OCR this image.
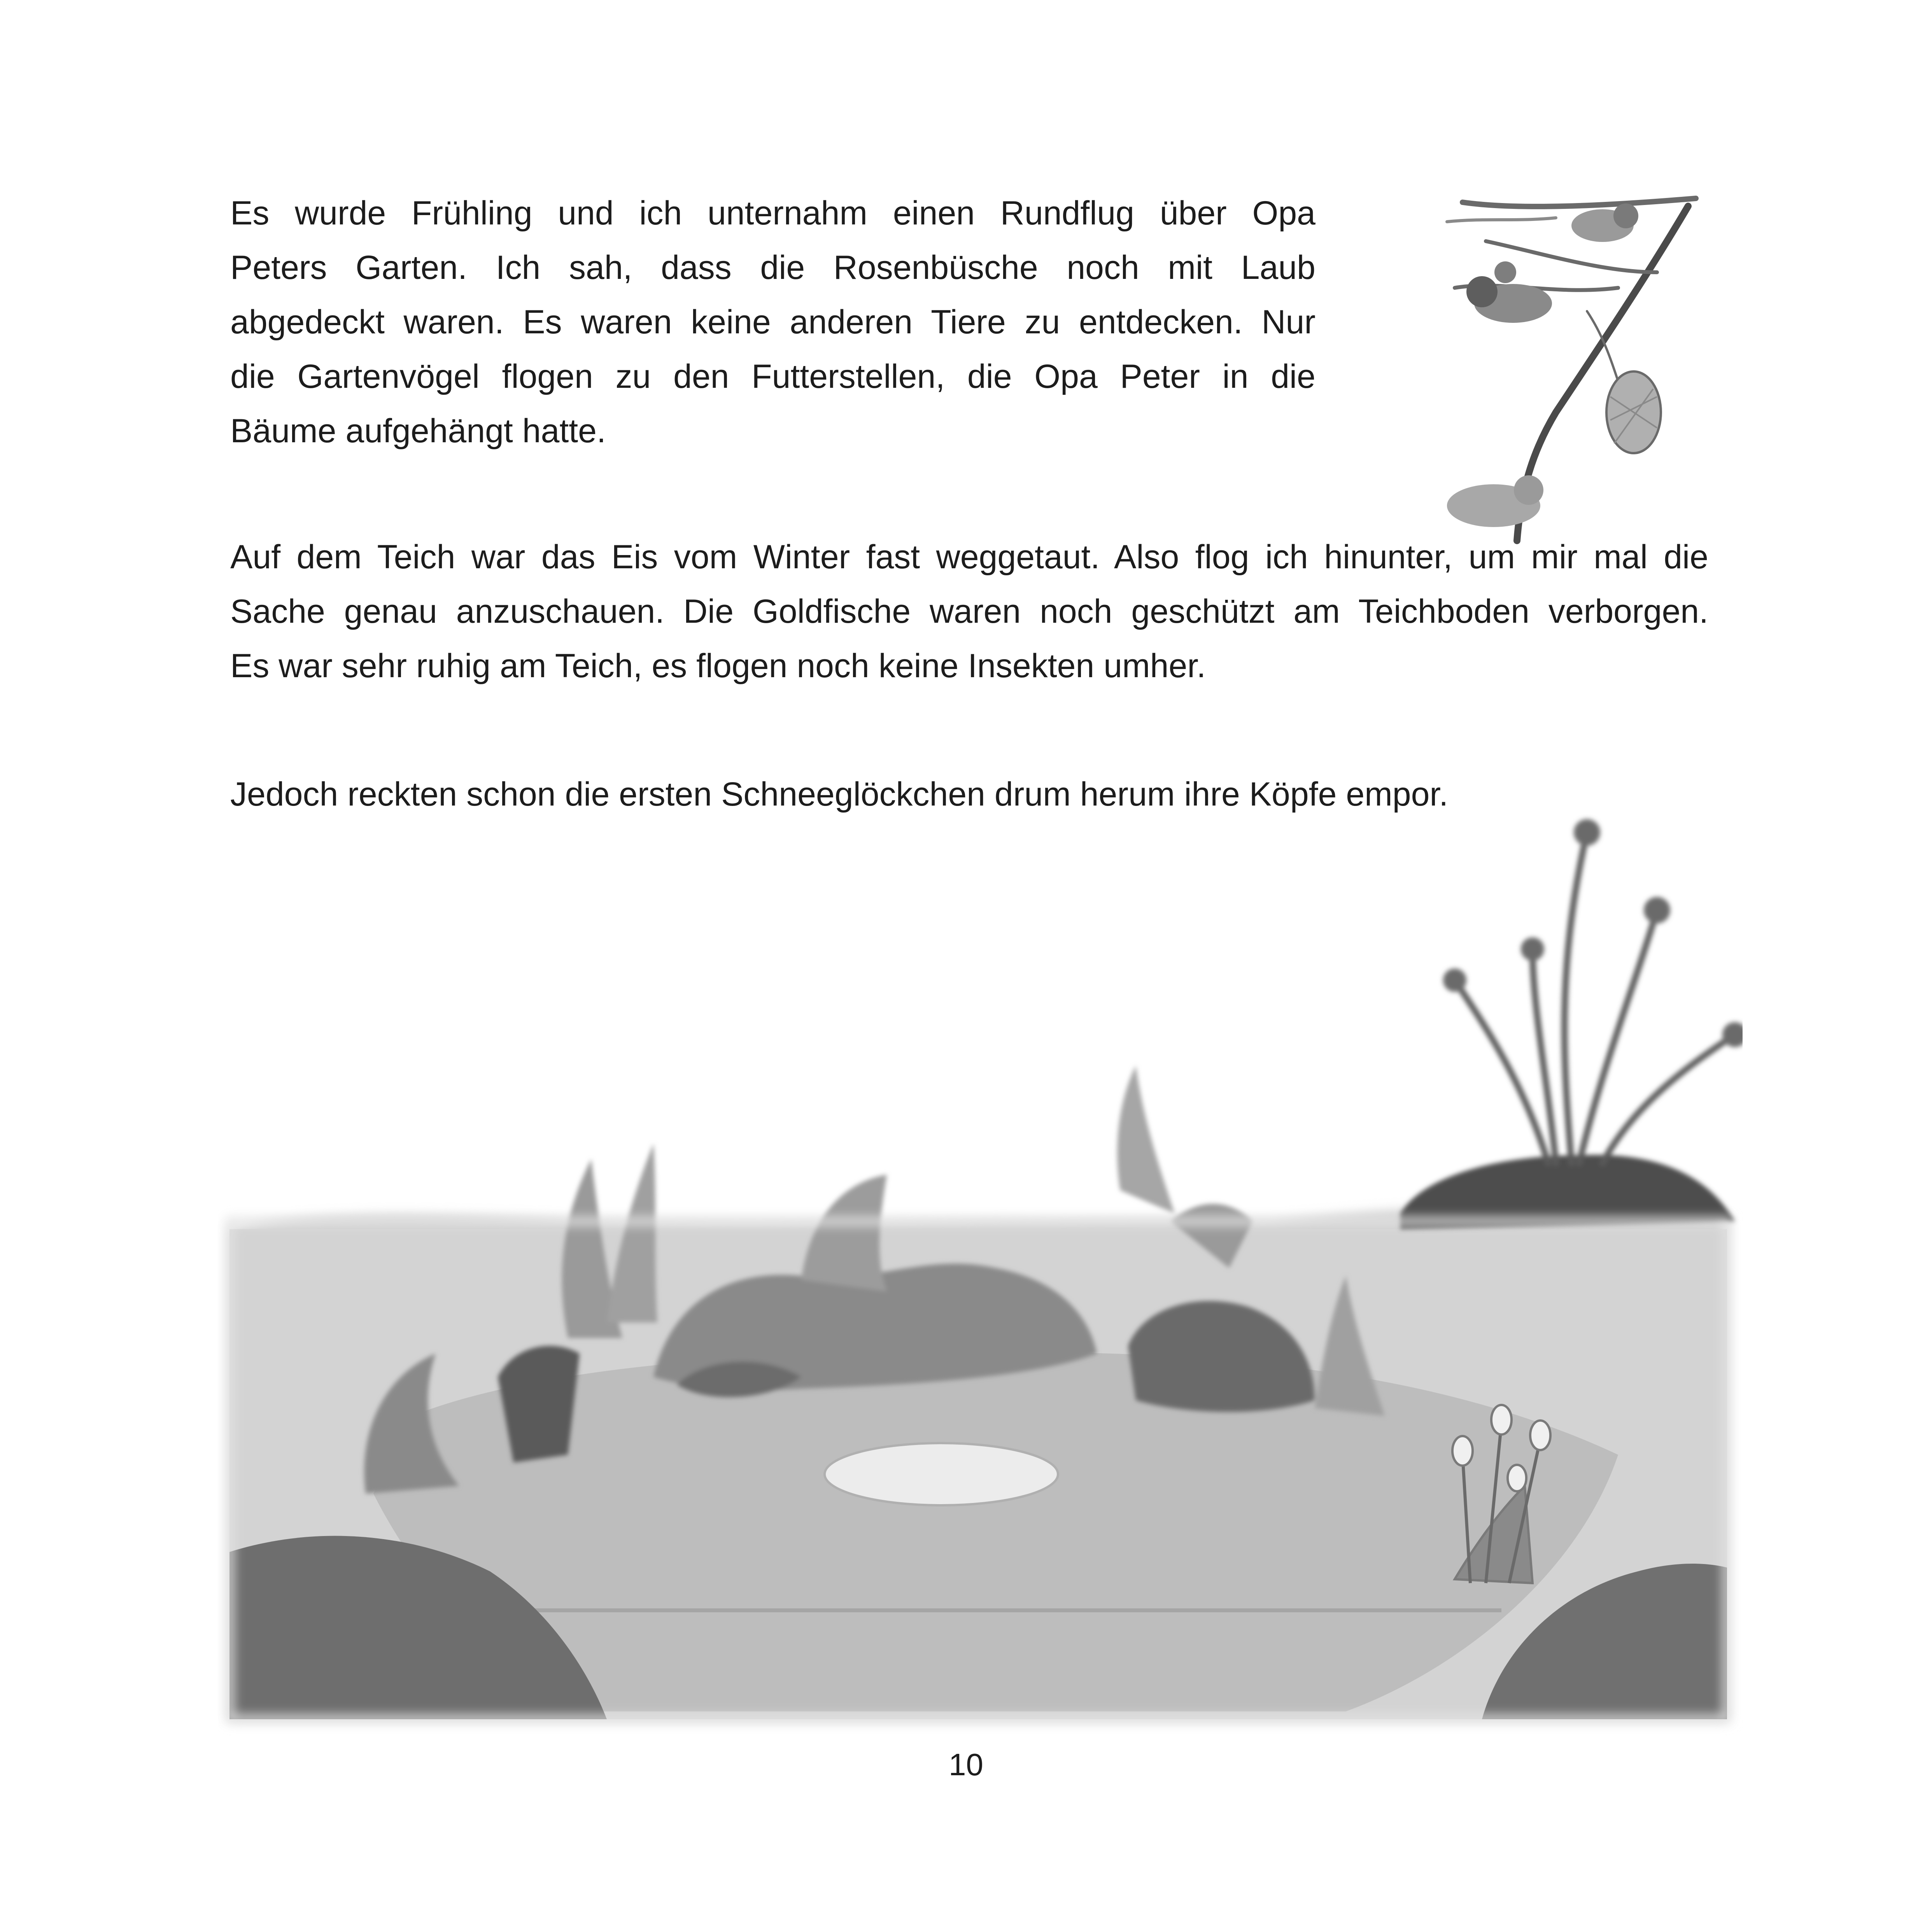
Es wurde Frühling und ich unternahm einen Rundflug über Opa
Peters Garten. Ich sah, dass die Rosenbüsche noch mit Laub
abgedeckt waren. Es waren keine anderen Tiere zu entdecken. Nur
die Gartenvögel flogen zu den Futterstellen, die Opa Peter in die
Bäume aufgehängt hatte.

Auf dem Teich war das Eis vom Winter fast weggetaut. Also flog ich hinunter, um mir mal die
Sache genau anzuschauen. Die Goldfische waren noch geschützt am Teichboden verborgen.
Es war sehr ruhig am Teich, es flogen noch keine Insekten umher.

Jedoch reckten schon die ersten Schneeglöckchen drum herum ihre Köpfe empor.

10
